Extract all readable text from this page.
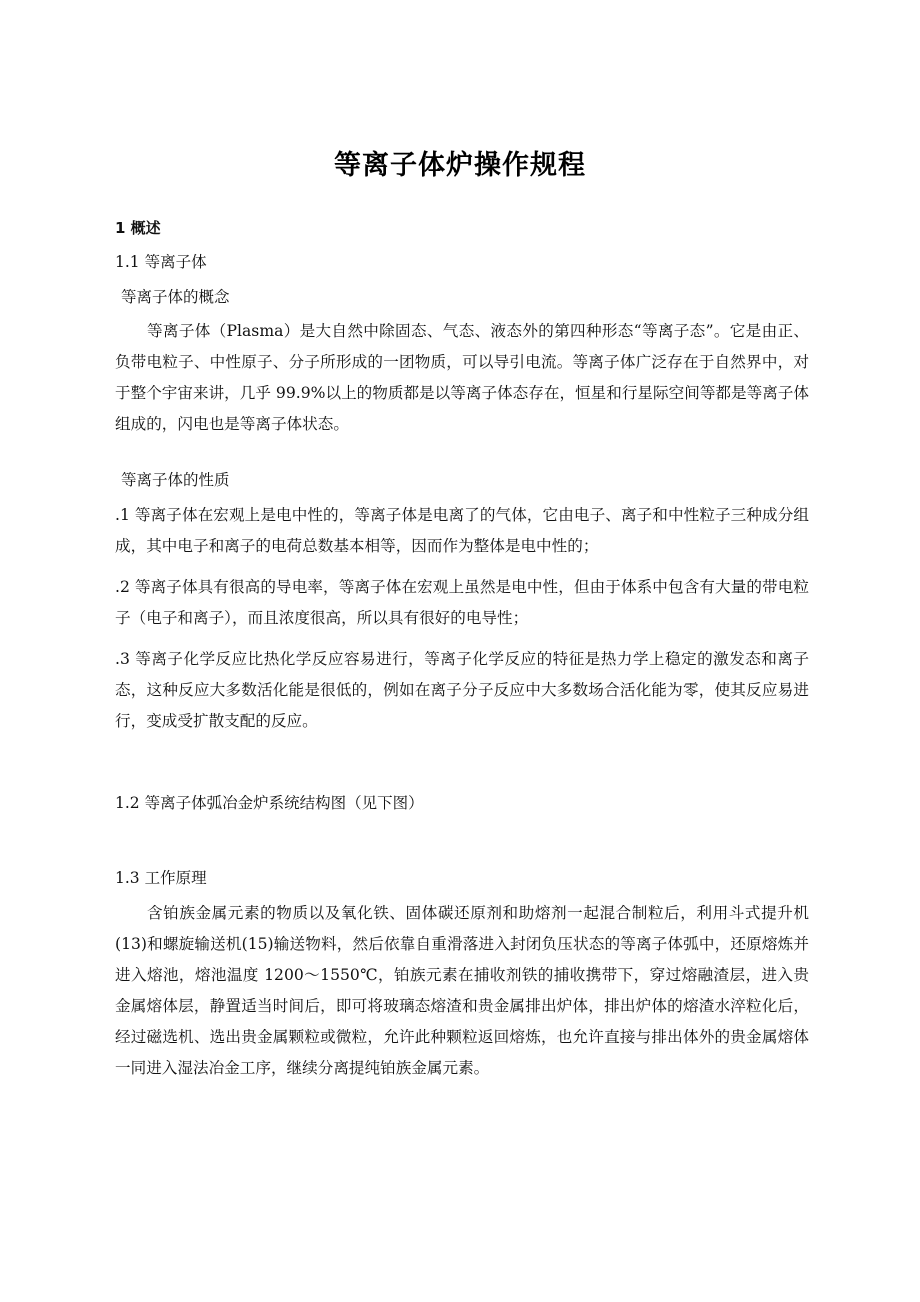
等离子体炉操作规程
1 概述
1.1 等离子体
等离子体的概念
等离子体（Plasma）是大自然中除固态、气态、液态外的第四种形态“等离子态”。它是由正、负带电粒子、中性原子、分子所形成的一团物质，可以导引电流。等离子体广泛存在于自然界中，对于整个宇宙来讲，几乎 99.9%以上的物质都是以等离子体态存在，恒星和行星际空间等都是等离子体组成的，闪电也是等离子体状态。
等离子体的性质
.1 等离子体在宏观上是电中性的，等离子体是电离了的气体，它由电子、离子和中性粒子三种成分组成，其中电子和离子的电荷总数基本相等，因而作为整体是电中性的；
.2 等离子体具有很高的导电率，等离子体在宏观上虽然是电中性，但由于体系中包含有大量的带电粒子（电子和离子），而且浓度很高，所以具有很好的电导性；
.3 等离子化学反应比热化学反应容易进行，等离子化学反应的特征是热力学上稳定的激发态和离子态，这种反应大多数活化能是很低的，例如在离子分子反应中大多数场合活化能为零，使其反应易进行，变成受扩散支配的反应。
1.2 等离子体弧冶金炉系统结构图（见下图）
1.3 工作原理
含铂族金属元素的物质以及氧化铁、固体碳还原剂和助熔剂一起混合制粒后，利用斗式提升机(13)和螺旋输送机(15)输送物料，然后依靠自重滑落进入封闭负压状态的等离子体弧中，还原熔炼并进入熔池，熔池温度 1200～1550℃，铂族元素在捕收剂铁的捕收携带下，穿过熔融渣层，进入贵金属熔体层，静置适当时间后，即可将玻璃态熔渣和贵金属排出炉体，排出炉体的熔渣水淬粒化后，经过磁选机、选出贵金属颗粒或微粒，允许此种颗粒返回熔炼，也允许直接与排出体外的贵金属熔体一同进入湿法冶金工序，继续分离提纯铂族金属元素。
